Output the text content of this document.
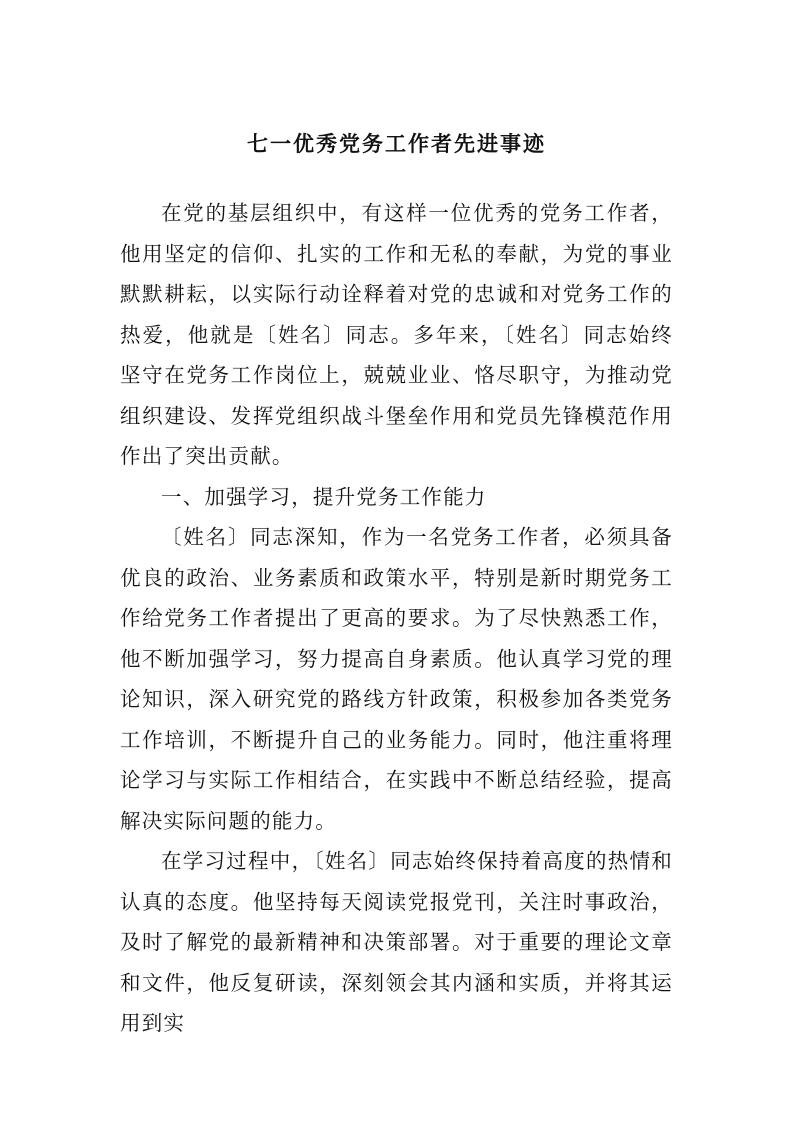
七一优秀党务工作者先进事迹

在党的基层组织中，有这样一位优秀的党务工作者，他用坚定的信仰、扎实的工作和无私的奉献，为党的事业默默耕耘，以实际行动诠释着对党的忠诚和对党务工作的热爱，他就是〔姓名〕同志。多年来，〔姓名〕同志始终坚守在党务工作岗位上，兢兢业业、恪尽职守，为推动党组织建设、发挥党组织战斗堡垒作用和党员先锋模范作用作出了突出贡献。

一、加强学习，提升党务工作能力

〔姓名〕同志深知，作为一名党务工作者，必须具备优良的政治、业务素质和政策水平，特别是新时期党务工作给党务工作者提出了更高的要求。为了尽快熟悉工作，他不断加强学习，努力提高自身素质。他认真学习党的理论知识，深入研究党的路线方针政策，积极参加各类党务工作培训，不断提升自己的业务能力。同时，他注重将理论学习与实际工作相结合，在实践中不断总结经验，提高解决实际问题的能力。

在学习过程中，〔姓名〕同志始终保持着高度的热情和认真的态度。他坚持每天阅读党报党刊，关注时事政治，及时了解党的最新精神和决策部署。对于重要的理论文章和文件，他反复研读，深刻领会其内涵和实质，并将其运用到实
